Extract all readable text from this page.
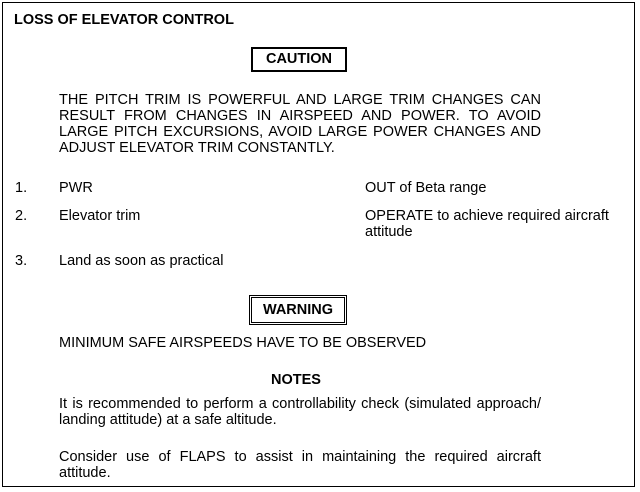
LOSS OF ELEVATOR CONTROL
CAUTION

THE PITCH TRIM IS POWERFUL AND LARGE TRIM CHANGES CAN RESULT FROM CHANGES IN AIRSPEED AND POWER. TO AVOID LARGE PITCH EXCURSIONS, AVOID LARGE POWER CHANGES AND ADJUST ELEVATOR TRIM CONSTANTLY.

1. PWR	OUT of Beta range
2. Elevator trim	OPERATE to achieve required aircraft attitude
3. Land as soon as practical
WARNING
MINIMUM SAFE AIRSPEEDS HAVE TO BE OBSERVED
NOTES

It is recommended to perform a controllability check (simulated approach/ landing attitude) at a safe altitude.

Consider use of FLAPS to assist in maintaining the required aircraft attitude.
